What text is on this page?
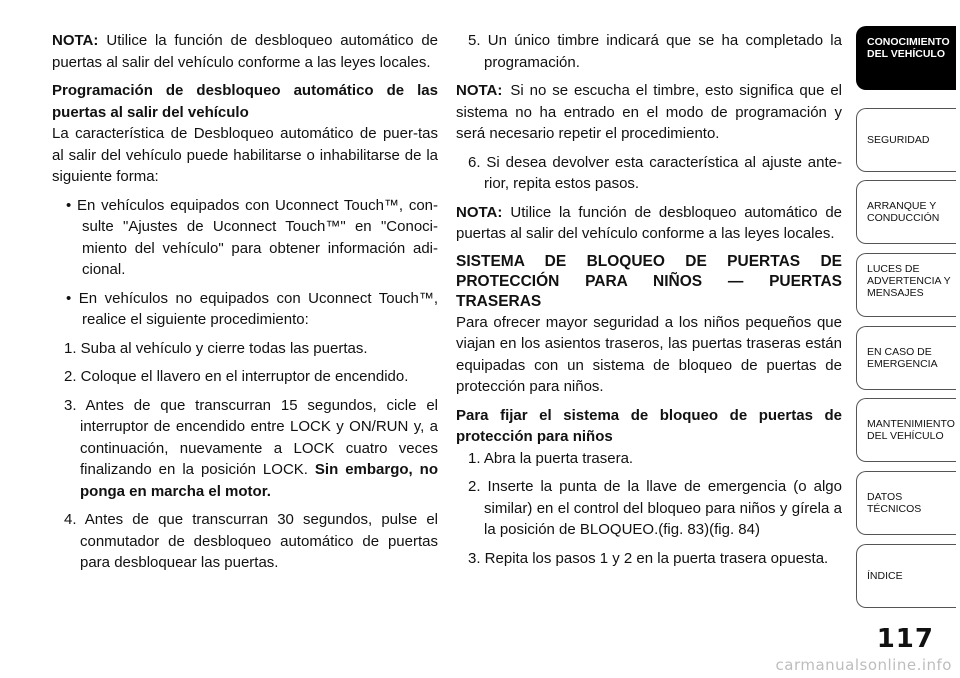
NOTA: Utilice la función de desbloqueo automático de puertas al salir del vehículo conforme a las leyes locales.

Programación de desbloqueo automático de las puertas al salir del vehículo

La característica de Desbloqueo automático de puer-tas al salir del vehículo puede habilitarse o inhabilitarse de la siguiente forma:

• En vehículos equipados con Uconnect Touch™, con-sulte "Ajustes de Uconnect Touch™" en "Conoci-miento del vehículo" para obtener información adi-cional.

• En vehículos no equipados con Uconnect Touch™, realice el siguiente procedimiento:

1. Suba al vehículo y cierre todas las puertas.

2. Coloque el llavero en el interruptor de encendido.

3. Antes de que transcurran 15 segundos, cicle el interruptor de encendido entre LOCK y ON/RUN y, a continuación, nuevamente a LOCK cuatro veces finalizando en la posición LOCK. Sin embargo, no ponga en marcha el motor.

4. Antes de que transcurran 30 segundos, pulse el conmutador de desbloqueo automático de puertas para desbloquear las puertas.

5. Un único timbre indicará que se ha completado la programación.

NOTA: Si no se escucha el timbre, esto significa que el sistema no ha entrado en el modo de programación y será necesario repetir el procedimiento.

6. Si desea devolver esta característica al ajuste ante-rior, repita estos pasos.

NOTA: Utilice la función de desbloqueo automático de puertas al salir del vehículo conforme a las leyes locales.

SISTEMA DE BLOQUEO DE PUERTAS DE PROTECCIÓN PARA NIÑOS — PUERTAS TRASERAS

Para ofrecer mayor seguridad a los niños pequeños que viajan en los asientos traseros, las puertas traseras están equipadas con un sistema de bloqueo de puertas de protección para niños.

Para fijar el sistema de bloqueo de puertas de protección para niños

1. Abra la puerta trasera.

2. Inserte la punta de la llave de emergencia (o algo similar) en el control del bloqueo para niños y gírela a la posición de BLOQUEO.(fig. 83)(fig. 84)

3. Repita los pasos 1 y 2 en la puerta trasera opuesta.

CONOCIMIENTO
DEL VEHÍCULO
SEGURIDAD
ARRANQUE Y
CONDUCCIÓN
LUCES DE
ADVERTENCIA Y
MENSAJES
EN CASO DE
EMERGENCIA
MANTENIMIENTO
DEL VEHÍCULO
DATOS
TÉCNICOS
ÍNDICE
117
carmanualsonline.info
